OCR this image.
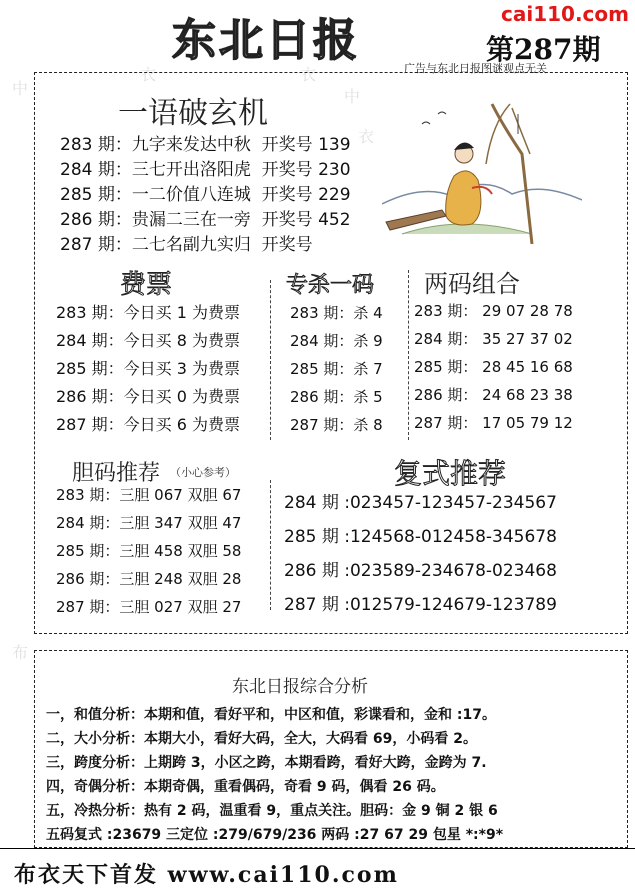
东北日报
cai110.com
第287期
广告与东北日报图谜观点无关
中	中
衣
衣	衣
布
一语破玄机
283 期：九字来发达中秋 开奖号 139
284 期：三七开出洛阳虎 开奖号 230
285 期：一二价值八连城 开奖号 229
286 期：贵漏二三在一旁 开奖号 452
287 期：二七名副九实归 开奖号
费票	专杀一码 两码组合
283 期：今日买 1 为费票
284 期：今日买 8 为费票
285 期：今日买 3 为费票
286 期：今日买 0 为费票
287 期：今日买 6 为费票
283 期：杀 4
284 期：杀 9
285 期：杀 7
286 期：杀 5
287 期：杀 8
283 期： 29 07 28 78
284 期： 35 27 37 02
285 期： 28 45 16 68
286 期： 24 68 23 38
287 期： 17 05 79 12
胆码推荐 （小心参考）	复式推荐
283 期：三胆 067 双胆 67
284 期：三胆 347 双胆 47
285 期：三胆 458 双胆 58
286 期：三胆 248 双胆 28
287 期：三胆 027 双胆 27
284 期 :023457-123457-234567
285 期 :124568-012458-345678
286 期 :023589-234678-023468
287 期 :012579-124679-123789
东北日报综合分析
一，和值分析：本期和值，看好平和，中区和值，彩谍看和，金和 :17。
二，大小分析：本期大小，看好大码，全大，大码看 69，小码看 2。
三，跨度分析：上期跨 3，小区之跨，本期看跨，看好大跨，金跨为 7.
四，奇偶分析：本期奇偶，重看偶码，奇看 9 码，偶看 26 码。
五，冷热分析：热有 2 码，温重看 9，重点关注。胆码：金 9 铜 2 银 6
五码复式 :23679 三定位 :279/679/236 两码 :27 67 29 包星 *:*9*
布衣天下首发 www.cai110.com
